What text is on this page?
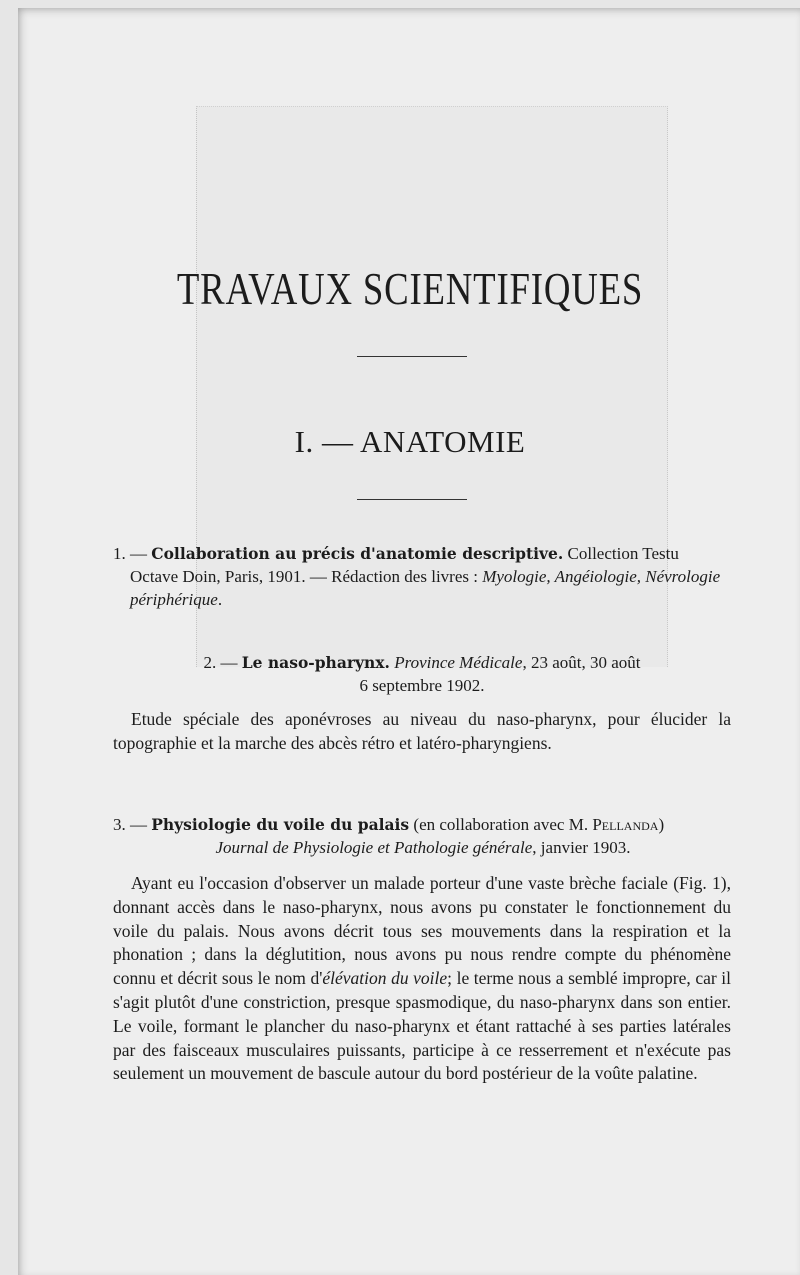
TRAVAUX SCIENTIFIQUES
I. — ANATOMIE
1. — Collaboration au précis d'anatomie descriptive. Collection Testu
Octave Doin, Paris, 1901. — Rédaction des livres : Myologie, Angéiologie, Névrologie périphérique.
2. — Le naso-pharynx. Province Médicale, 23 août, 30 août
6 septembre 1902.

Etude spéciale des aponévroses au niveau du naso-pharynx, pour élucider la topographie et la marche des abcès rétro et latéro-pharyngiens.

3. — Physiologie du voile du palais (en collaboration avec M. Pellanda)
Journal de Physiologie et Pathologie générale, janvier 1903.

Ayant eu l'occasion d'observer un malade porteur d'une vaste brèche faciale (Fig. 1), donnant accès dans le naso-pharynx, nous avons pu constater le fonctionnement du voile du palais. Nous avons décrit tous ses mouvements dans la respiration et la phonation ; dans la déglutition, nous avons pu nous rendre compte du phénomène connu et décrit sous le nom d'élévation du voile; le terme nous a semblé impropre, car il s'agit plutôt d'une constriction, presque spasmodique, du naso-pharynx dans son entier. Le voile, formant le plancher du naso-pharynx et étant rattaché à ses parties latérales par des faisceaux musculaires puissants, participe à ce resserrement et n'exécute pas seulement un mouvement de bascule autour du bord postérieur de la voûte palatine.
